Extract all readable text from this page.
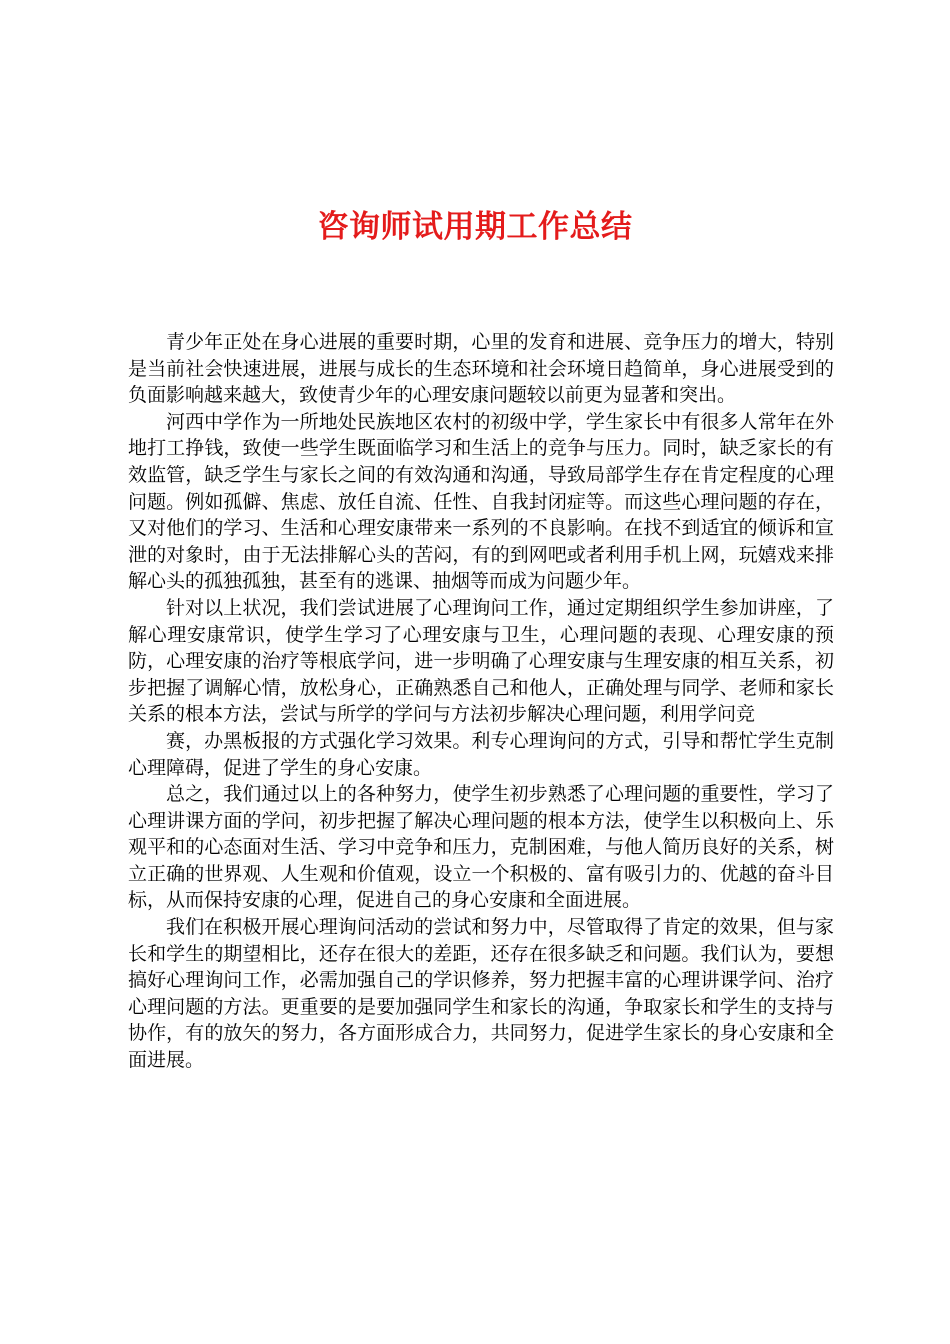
咨询师试用期工作总结

青少年正处在身心进展的重要时期，心里的发育和进展、竞争压力的增大，特别是当前社会快速进展，进展与成长的生态环境和社会环境日趋简单，身心进展受到的负面影响越来越大，致使青少年的心理安康问题较以前更为显著和突出。

河西中学作为一所地处民族地区农村的初级中学，学生家长中有很多人常年在外地打工挣钱，致使一些学生既面临学习和生活上的竞争与压力。同时，缺乏家长的有效监管，缺乏学生与家长之间的有效沟通和沟通，导致局部学生存在肯定程度的心理问题。例如孤僻、焦虑、放任自流、任性、自我封闭症等。而这些心理问题的存在，又对他们的学习、生活和心理安康带来一系列的不良影响。在找不到适宜的倾诉和宣泄的对象时，由于无法排解心头的苦闷，有的到网吧或者利用手机上网，玩嬉戏来排解心头的孤独孤独，甚至有的逃课、抽烟等而成为问题少年。

针对以上状况，我们尝试进展了心理询问工作，通过定期组织学生参加讲座，了解心理安康常识，使学生学习了心理安康与卫生，心理问题的表现、心理安康的预防，心理安康的治疗等根底学问，进一步明确了心理安康与生理安康的相互关系，初步把握了调解心情，放松身心，正确熟悉自己和他人，正确处理与同学、老师和家长关系的根本方法，尝试与所学的学问与方法初步解决心理问题，利用学问竞

赛，办黑板报的方式强化学习效果。利专心理询问的方式，引导和帮忙学生克制心理障碍，促进了学生的身心安康。

总之，我们通过以上的各种努力，使学生初步熟悉了心理问题的重要性，学习了心理讲课方面的学问，初步把握了解决心理问题的根本方法，使学生以积极向上、乐观平和的心态面对生活、学习中竞争和压力，克制困难，与他人简历良好的关系，树立正确的世界观、人生观和价值观，设立一个积极的、富有吸引力的、优越的奋斗目标，从而保持安康的心理，促进自己的身心安康和全面进展。

我们在积极开展心理询问活动的尝试和努力中，尽管取得了肯定的效果，但与家长和学生的期望相比，还存在很大的差距，还存在很多缺乏和问题。我们认为，要想搞好心理询问工作，必需加强自己的学识修养，努力把握丰富的心理讲课学问、治疗心理问题的方法。更重要的是要加强同学生和家长的沟通，争取家长和学生的支持与协作，有的放矢的努力，各方面形成合力，共同努力，促进学生家长的身心安康和全面进展。
